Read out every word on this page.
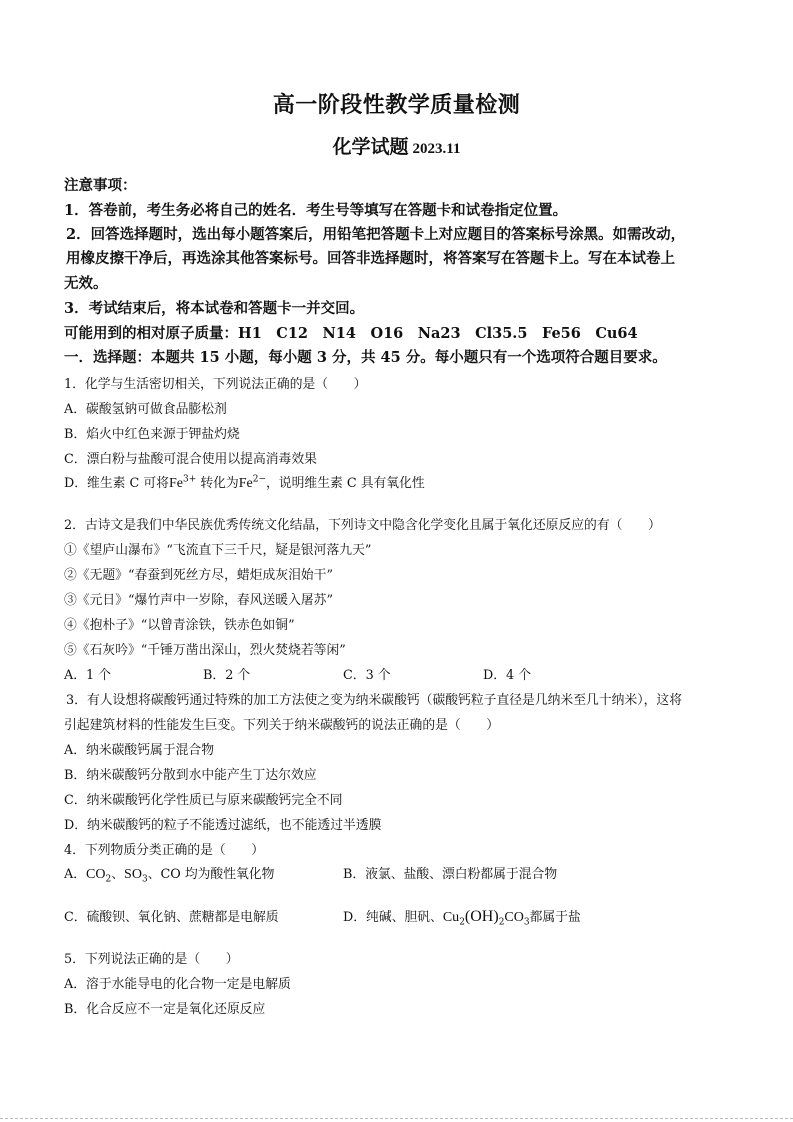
高一阶段性教学质量检测
化学试题 2023.11
注意事项：
1．答卷前，考生务必将自己的姓名．考生号等填写在答题卡和试卷指定位置。
2．回答选择题时，选出每小题答案后，用铅笔把答题卡上对应题目的答案标号涂黑。如需改动，
用橡皮擦干净后，再选涂其他答案标号。回答非选择题时，将答案写在答题卡上。写在本试卷上
无效。
3．考试结束后，将本试卷和答题卡一并交回。
可能用到的相对原子质量：H1　C12　N14　O16　Na23　Cl35.5　Fe56　Cu64
一．选择题：本题共 15 小题，每小题 3 分，共 45 分。每小题只有一个选项符合题目要求。
1．化学与生活密切相关，下列说法正确的是（　　）
A．碳酸氢钠可做食品膨松剂
B．焰火中红色来源于钾盐灼烧
C．漂白粉与盐酸可混合使用以提高消毒效果
D．维生素 C 可将$Fe^{3+}$ 转化为$Fe^{2-}$，说明维生素 C 具有氧化性
2．古诗文是我们中华民族优秀传统文化结晶，下列诗文中隐含化学变化且属于氧化还原反应的有（　　）
①《望庐山瀑布》“飞流直下三千尺，疑是银河落九天”
②《无题》“春蚕到死丝方尽，蜡炬成灰泪始干”
③《元日》“爆竹声中一岁除，春风送暖入屠苏”
④《抱朴子》“以曾青涂铁，铁赤色如铜”
⑤《石灰吟》“千锤万凿出深山，烈火焚烧若等闲”
A．1 个	B．2 个	C．3 个	D．4 个
3．有人设想将碳酸钙通过特殊的加工方法使之变为纳米碳酸钙（碳酸钙粒子直径是几纳米至几十纳米），这将
引起建筑材料的性能发生巨变。下列关于纳米碳酸钙的说法正确的是（　　）
A．纳米碳酸钙属于混合物
B．纳米碳酸钙分散到水中能产生丁达尔效应
C．纳米碳酸钙化学性质已与原来碳酸钙完全不同
D．纳米碳酸钙的粒子不能透过滤纸，也不能透过半透膜
4．下列物质分类正确的是（　　）
A．$CO_2$、$SO_3$、CO 均为酸性氧化物	B．液氯、盐酸、漂白粉都属于混合物
C．硫酸钡、氧化钠、蔗糖都是电解质	D．纯碱、胆矾、$Cu_2(OH)_2CO_3$都属于盐
5．下列说法正确的是（　　）
A．溶于水能导电的化合物一定是电解质
B．化合反应不一定是氧化还原反应
